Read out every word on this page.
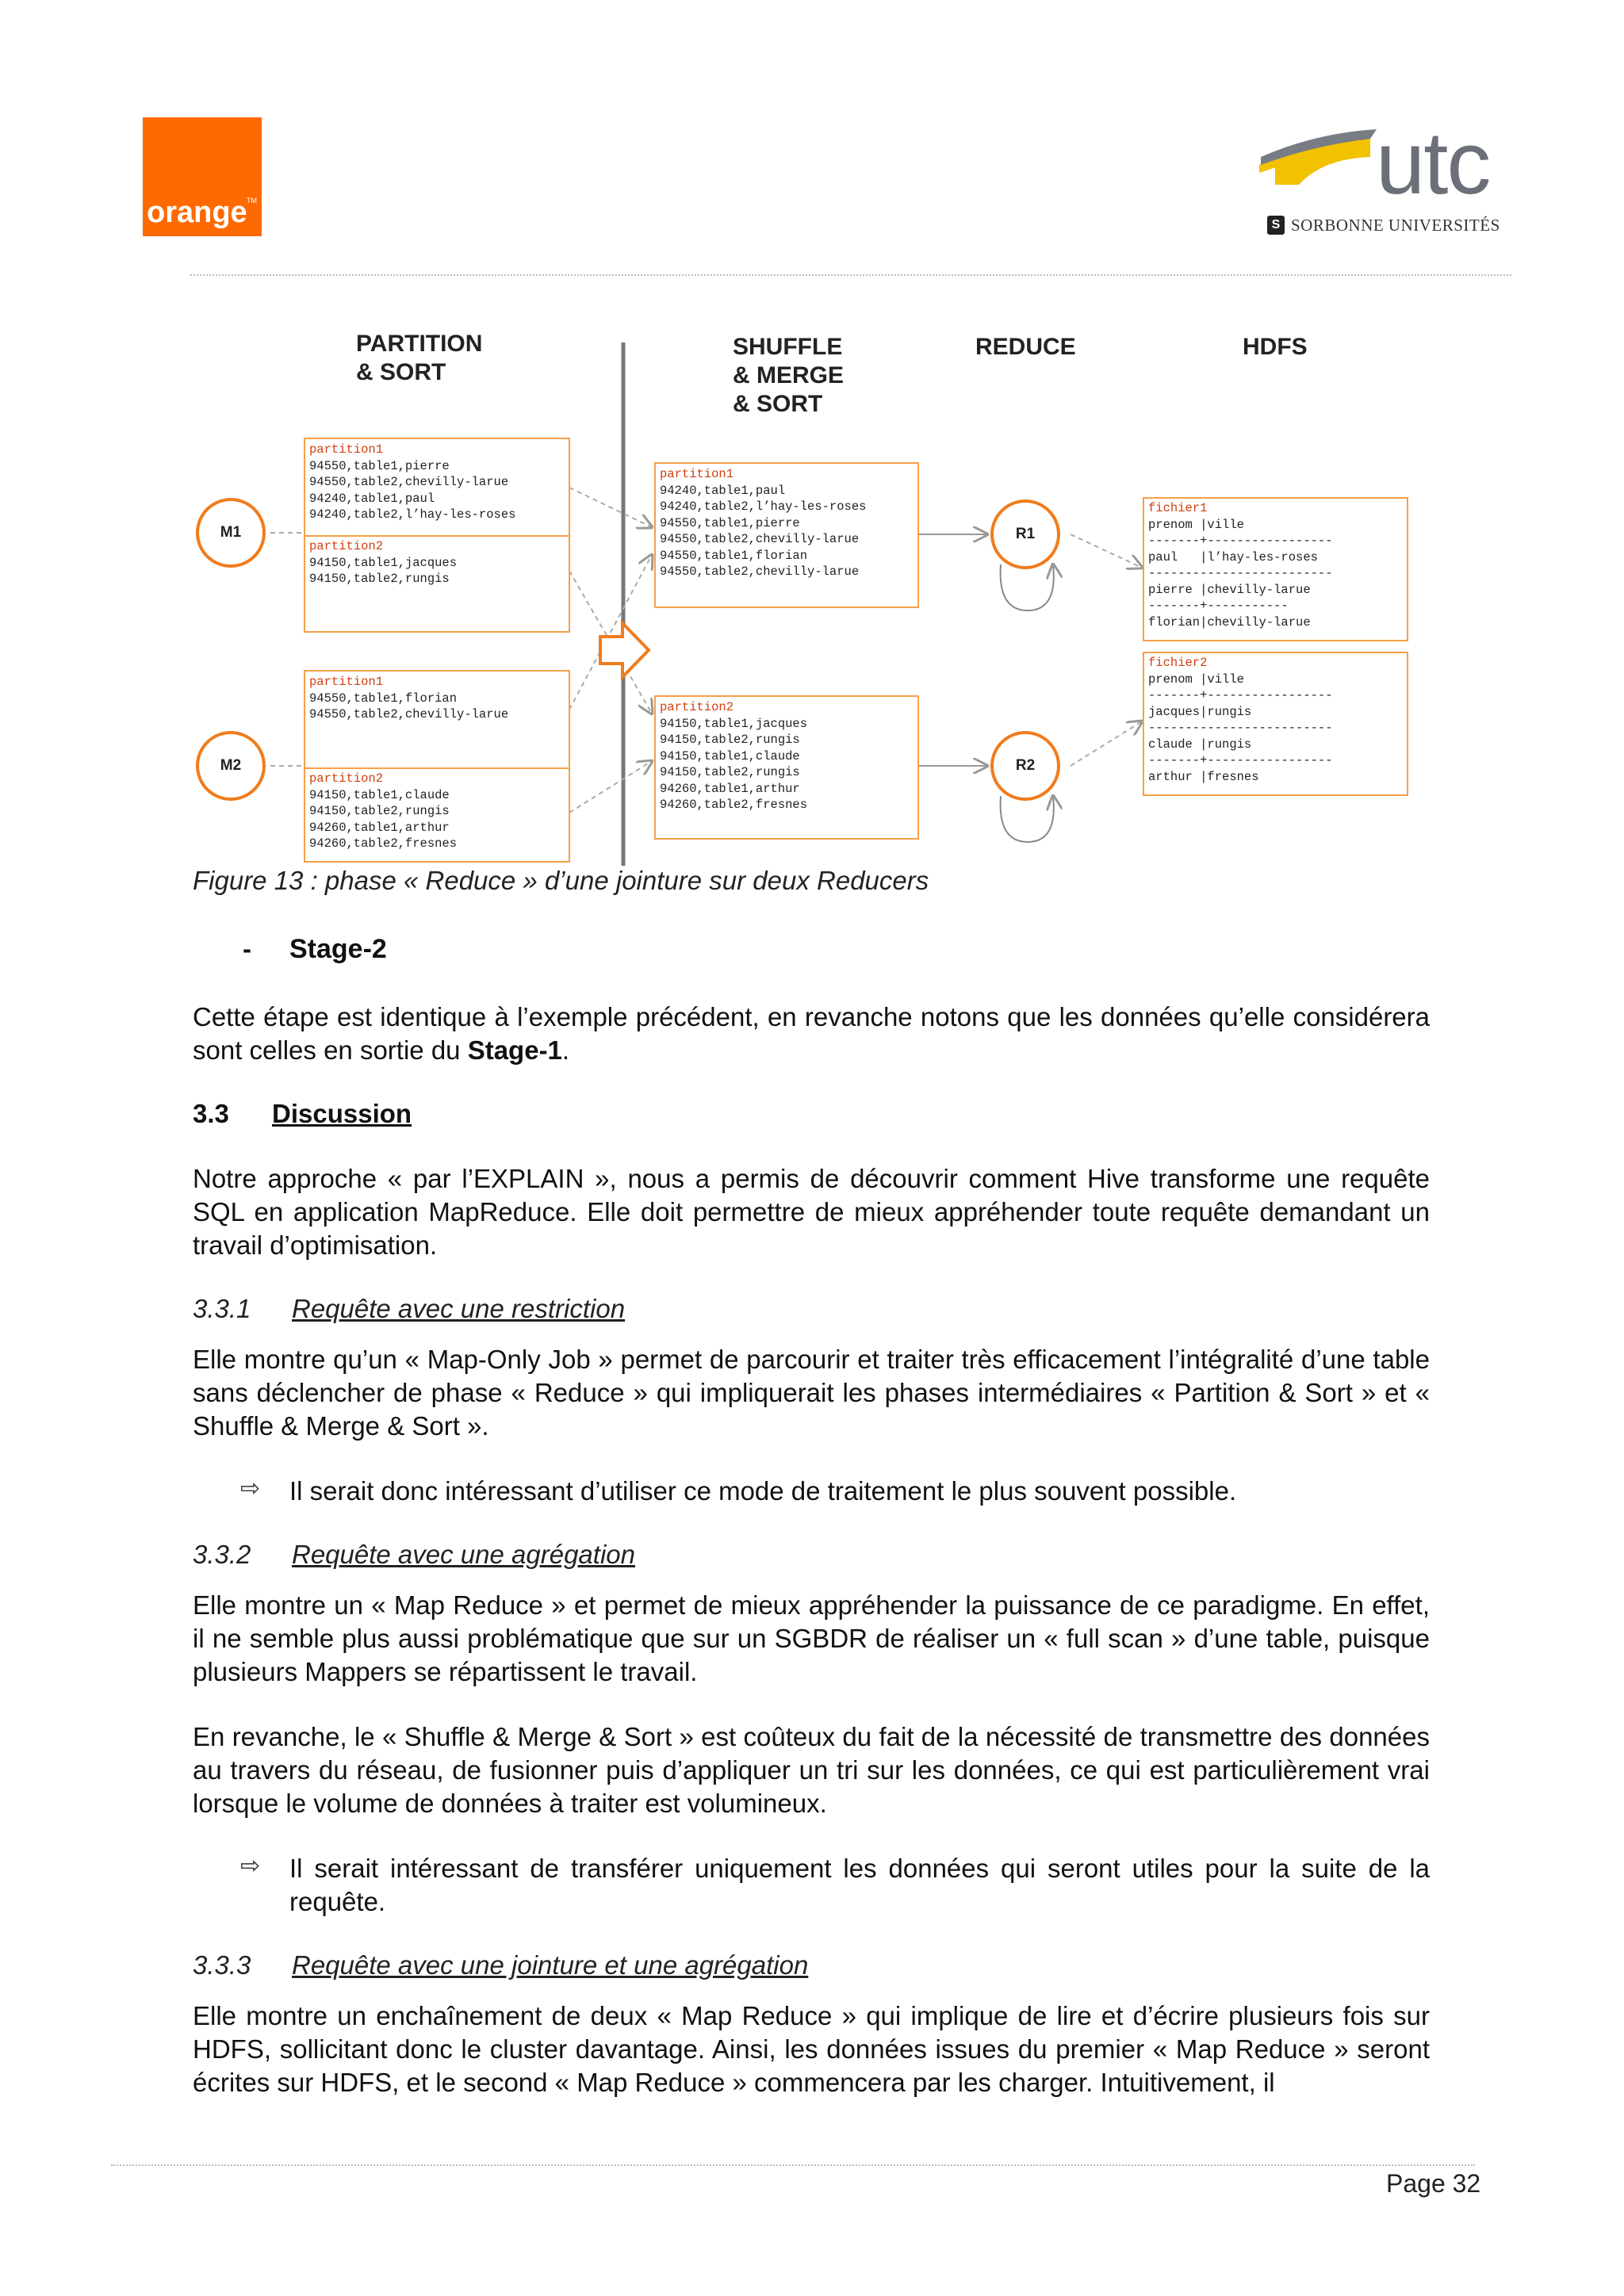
orange TM	utc
S SORBONNE UNIVERSITÉS
PARTITION
& SORT
SHUFFLE
& MERGE
& SORT
REDUCE	HDFS
M1
M2
R1
R2
partition1
94550,table1,pierre
94550,table2,chevilly-larue
94240,table1,paul
94240,table2,l’hay-les-roses
partition2
94150,table1,jacques
94150,table2,rungis
partition1
94550,table1,florian
94550,table2,chevilly-larue
partition2
94150,table1,claude
94150,table2,rungis
94260,table1,arthur
94260,table2,fresnes
partition1
94240,table1,paul
94240,table2,l’hay-les-roses
94550,table1,pierre
94550,table2,chevilly-larue
94550,table1,florian
94550,table2,chevilly-larue
partition2
94150,table1,jacques
94150,table2,rungis
94150,table1,claude
94150,table2,rungis
94260,table1,arthur
94260,table2,fresnes
fichier1
prenom |ville
-------+-----------------
paul   |l’hay-les-roses
-------------------------
pierre |chevilly-larue
-------+-----------
florian|chevilly-larue
fichier2
prenom |ville
-------+-----------------
jacques|rungis
-------------------------
claude |rungis
-------+-----------------
arthur |fresnes
Figure 13 : phase « Reduce » d’une jointure sur deux Reducers
- Stage-2
Cette étape est identique à l’exemple précédent, en revanche notons que les données qu’elle considérera sont celles en sortie du Stage-1.
3.3 Discussion
Notre approche « par l’EXPLAIN », nous a permis de découvrir comment Hive transforme une requête SQL en application MapReduce. Elle doit permettre de mieux appréhender toute requête demandant un travail d’optimisation.
3.3.1 Requête avec une restriction
Elle montre qu’un « Map-Only Job » permet de parcourir et traiter très efficacement l’intégralité d’une table sans déclencher de phase « Reduce » qui impliquerait les phases intermédiaires « Partition & Sort » et « Shuffle & Merge & Sort ».
⇨ Il serait donc intéressant d’utiliser ce mode de traitement le plus souvent possible.
3.3.2 Requête avec une agrégation
Elle montre un « Map Reduce » et permet de mieux appréhender la puissance de ce paradigme. En effet, il ne semble plus aussi problématique que sur un SGBDR de réaliser un « full scan » d’une table, puisque plusieurs Mappers se répartissent le travail.
En revanche, le « Shuffle & Merge & Sort » est coûteux du fait de la nécessité de transmettre des données au travers du réseau, de fusionner puis d’appliquer un tri sur les données, ce qui est particulièrement vrai lorsque le volume de données à traiter est volumineux.
⇨ Il serait intéressant de transférer uniquement les données qui seront utiles pour la suite de la requête.
3.3.3 Requête avec une jointure et une agrégation
Elle montre un enchaînement de deux « Map Reduce » qui implique de lire et d’écrire plusieurs fois sur HDFS, sollicitant donc le cluster davantage. Ainsi, les données issues du premier « Map Reduce » seront écrites sur HDFS, et le second « Map Reduce » commencera par les charger. Intuitivement, il
Page 32
